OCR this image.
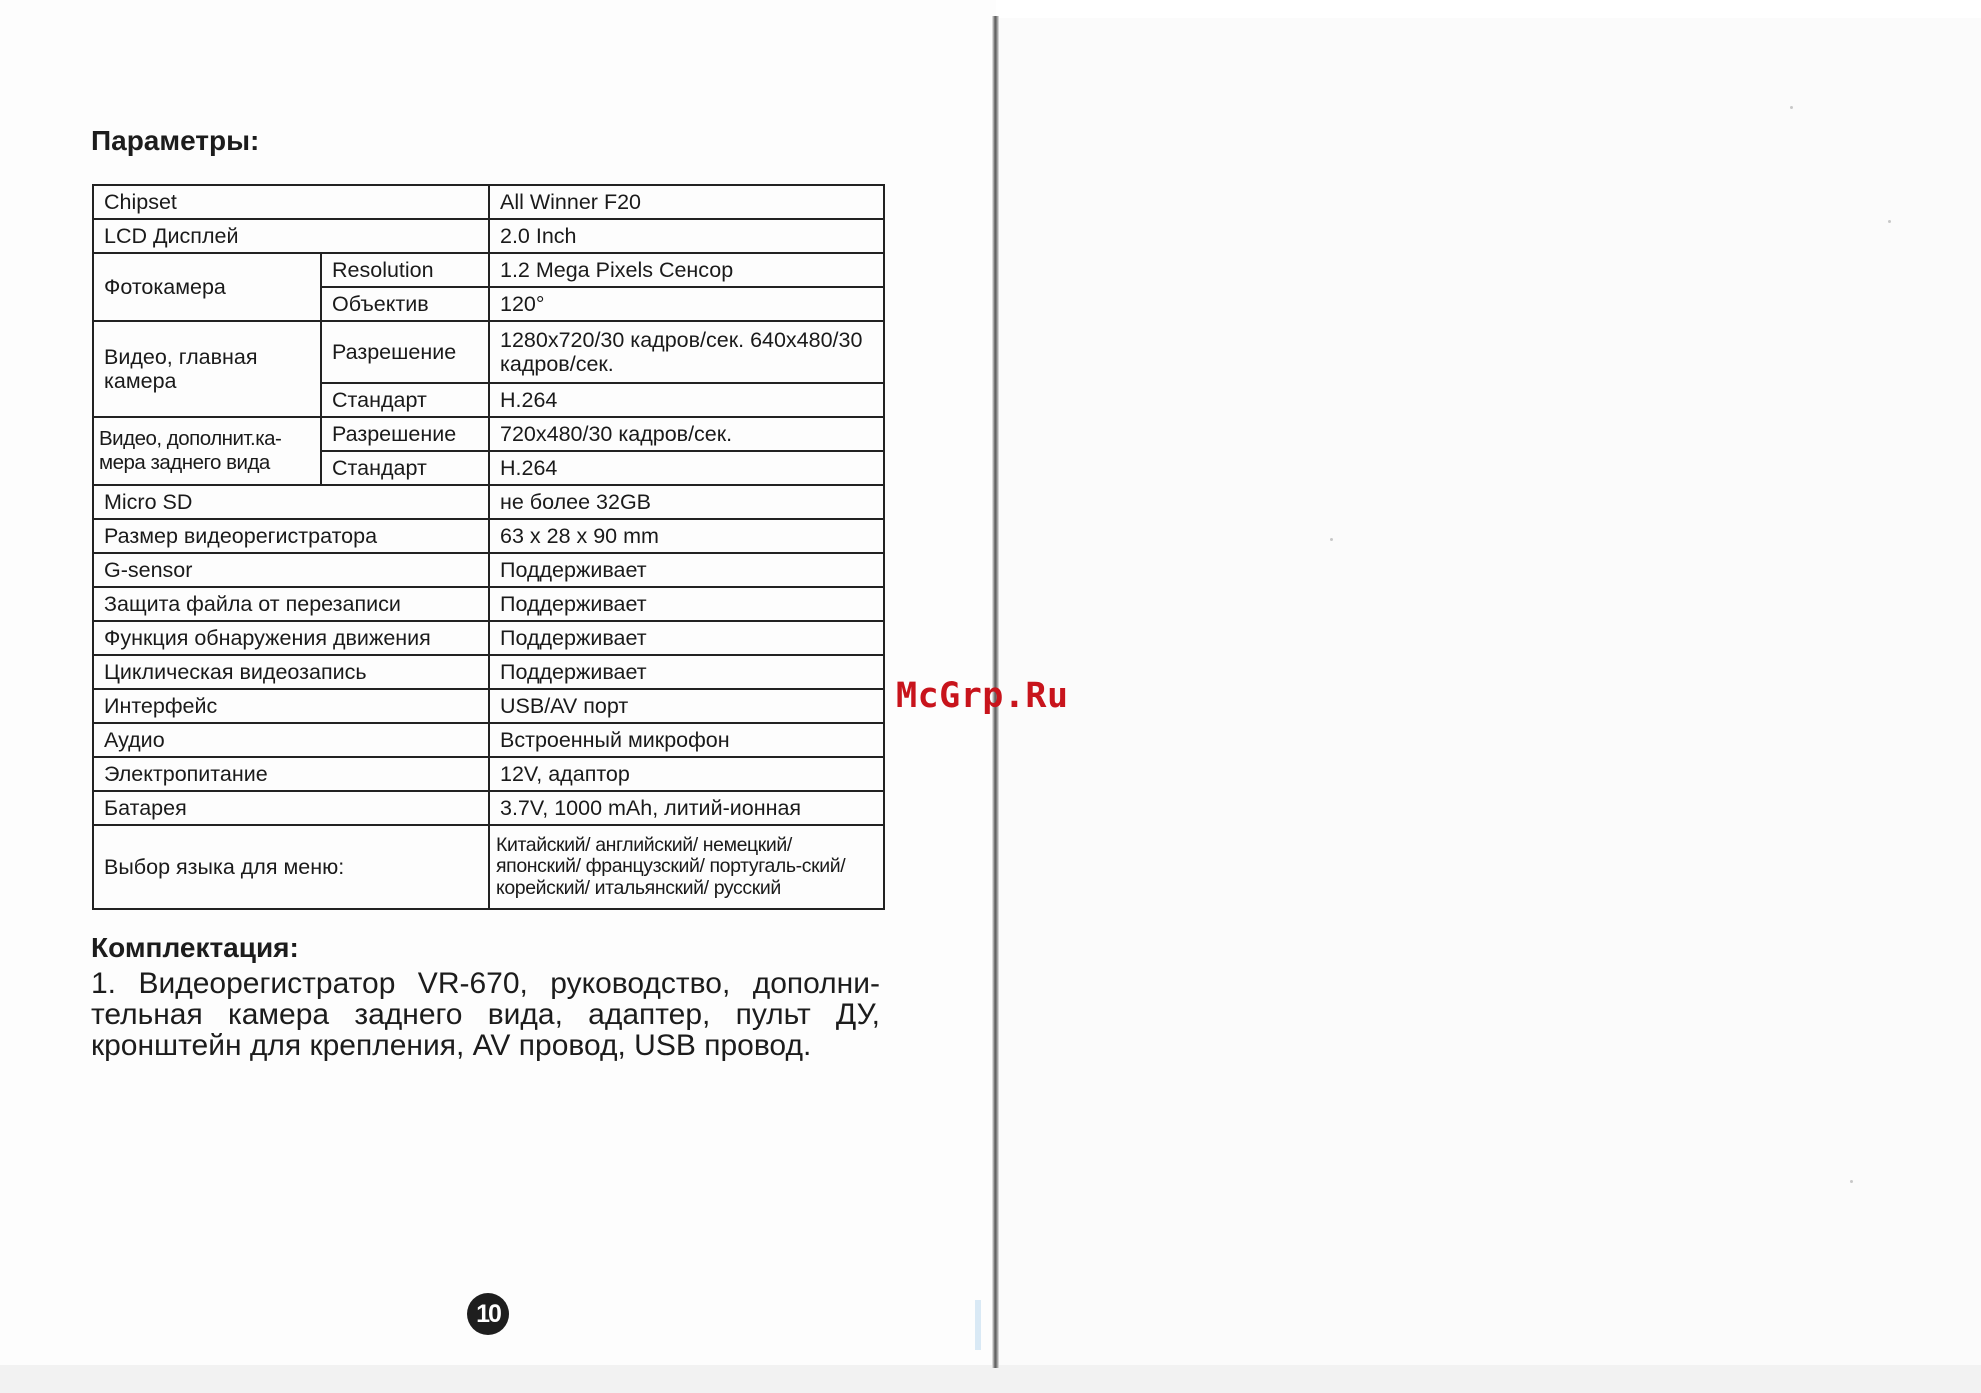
Параметры:
Chipset		All Winner F20
LCD Дисплей		2.0 Inch
Фотокамера	Resolution	1.2 Mega Pixels Сенсор
	Объектив	120°
Видео, главная камера	Разрешение	1280x720/30 кадров/сек. 640x480/30 кадров/сек.
	Стандарт	H.264
Видео, дополнит.ка-мера заднего вида	Разрешение	720x480/30 кадров/сек.
	Стандарт	H.264
Micro SD		не более 32GB
Размер видеорегистратора		63 x 28 x 90 mm
G-sensor		Поддерживает
Защита файла от перезаписи		Поддерживает
Функция обнаружения движения		Поддерживает
Циклическая видеозапись		Поддерживает
Интерфейс		USB/AV порт
Аудио		Встроенный микрофон
Электропитание		12V, адаптор
Батарея		3.7V, 1000 mAh, литий-ионная
Выбор языка для меню:		Китайский/ английский/ немецкий/ японский/ французский/ португаль-ский/ корейский/ итальянский/ русский
Комплектация:

1. Видеорегистратор VR-670, руководство, дополни-тельная камера заднего вида, адаптер, пульт ДУ, кронштейн для крепления, AV провод, USB провод.

10
McGrp.Ru
